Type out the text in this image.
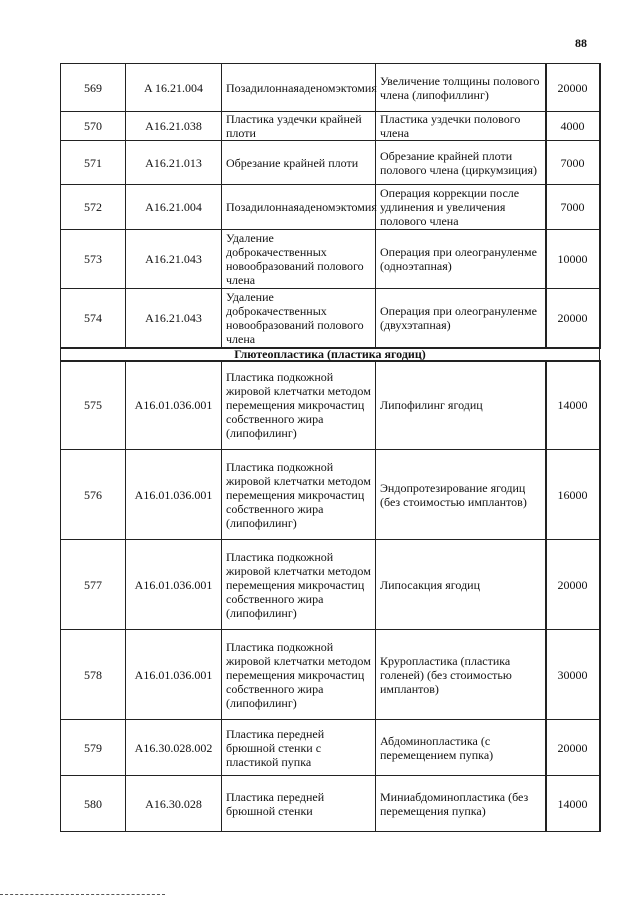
88
569	A 16.21.004	Позадилоннаяаденомэктомия	Увеличение толщины полового члена (липофиллинг)	20000
570	A16.21.038	Пластика уздечки крайней плоти	Пластика уздечки полового члена	4000
571	A16.21.013	Обрезание крайней плоти	Обрезание крайней плоти полового члена (циркумзиция)	7000
572	A16.21.004	Позадилоннаяаденомэктомия	Операция коррекции после удлинения и увеличения полового члена	7000
573	A16.21.043	Удаление доброкачественных новообразований полового члена	Операция при олеогрануленме (одноэтапная)	10000
574	A16.21.043	Удаление доброкачественных новообразований полового члена	Операция при олеогрануленме (двухэтапная)	20000
Глютеопластика (пластика ягодиц)				
575	A16.01.036.001	Пластика подкожной жировой клетчатки методом перемещения микрочастиц собственного жира (липофилинг)	Липофилинг ягодиц	14000
576	A16.01.036.001	Пластика подкожной жировой клетчатки методом перемещения микрочастиц собственного жира (липофилинг)	Эндопротезирование ягодиц (без стоимостью имплантов)	16000
577	A16.01.036.001	Пластика подкожной жировой клетчатки методом перемещения микрочастиц собственного жира (липофилинг)	Липосакция ягодиц	20000
578	A16.01.036.001	Пластика подкожной жировой клетчатки методом перемещения микрочастиц собственного жира (липофилинг)	Круропластика (пластика голеней) (без стоимостью имплантов)	30000
579	A16.30.028.002	Пластика передней брюшной стенки с пластикой пупка	Абдоминопластика (с перемещением пупка)	20000
580	A16.30.028	Пластика передней брюшной стенки	Миниабдоминопластика (без перемещения пупка)	14000
